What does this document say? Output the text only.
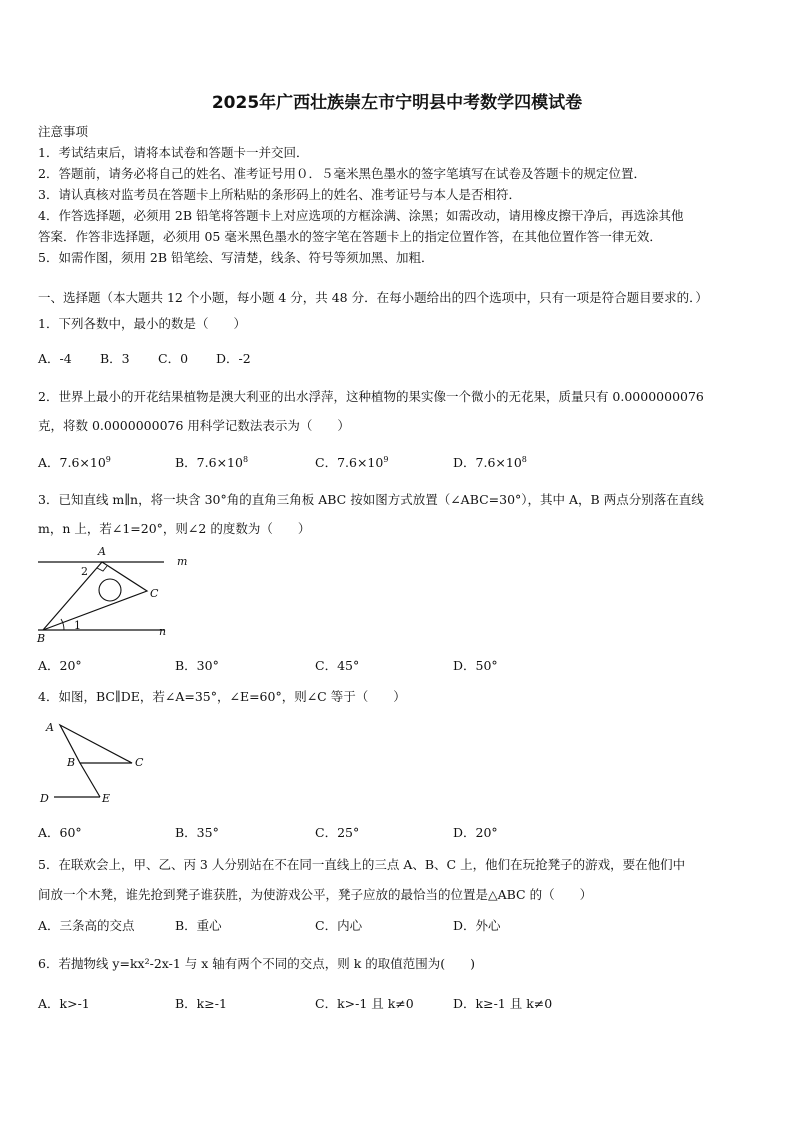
2025年广西壮族崇左市宁明县中考数学四模试卷
注意事项
1．考试结束后，请将本试卷和答题卡一并交回．
2．答题前，请务必将自己的姓名、准考证号用０．５毫米黑色墨水的签字笔填写在试卷及答题卡的规定位置．
3．请认真核对监考员在答题卡上所粘贴的条形码上的姓名、准考证号与本人是否相符．
4．作答选择题，必须用 2B 铅笔将答题卡上对应选项的方框涂满、涂黑；如需改动，请用橡皮擦干净后，再选涂其他
答案．作答非选择题，必须用 05 毫米黑色墨水的签字笔在答题卡上的指定位置作答，在其他位置作答一律无效．
5．如需作图，须用 2B 铅笔绘、写清楚，线条、符号等须加黑、加粗．
一、选择题（本大题共 12 个小题，每小题 4 分，共 48 分．在每小题给出的四个选项中，只有一项是符合题目要求的．）
1．下列各数中，最小的数是（　　）
A．-4 B．3 C．0 D．-2
2．世界上最小的开花结果植物是澳大利亚的出水浮萍，这种植物的果实像一个微小的无花果，质量只有 0.0000000076
克，将数 0.0000000076 用科学记数法表示为（　　）
A．$7.6\times 10^9$	B．$7.6\times 10^8$	C．$7.6\times 10^9$	D．$7.6\times 10^8$
3．已知直线 m∥n，将一块含 30°角的直角三角板 ABC 按如图方式放置（∠ABC=30°），其中 A，B 两点分别落在直线
m，n 上，若∠1=20°，则∠2 的度数为（　　）
A
B
C
m
n
1
2
A．20°	B．30°	C．45°	D．50°
4．如图，BC∥DE，若∠A=35°，∠E=60°，则∠C 等于（　　）
A
B	C
D	E
A．60°	B．35°	C．25°	D．20°
5．在联欢会上，甲、乙、丙 3 人分别站在不在同一直线上的三点 A、B、C 上，他们在玩抢凳子的游戏，要在他们中
间放一个木凳，谁先抢到凳子谁获胜，为使游戏公平，凳子应放的最恰当的位置是△ABC 的（　　）
A．三条高的交点	B．重心	C．内心	D．外心
6．若抛物线 y=kx²-2x-1 与 x 轴有两个不同的交点，则 k 的取值范围为(　　)
A．k>-1	B．k≥-1	C．k>-1 且 k≠0	D．k≥-1 且 k≠0
